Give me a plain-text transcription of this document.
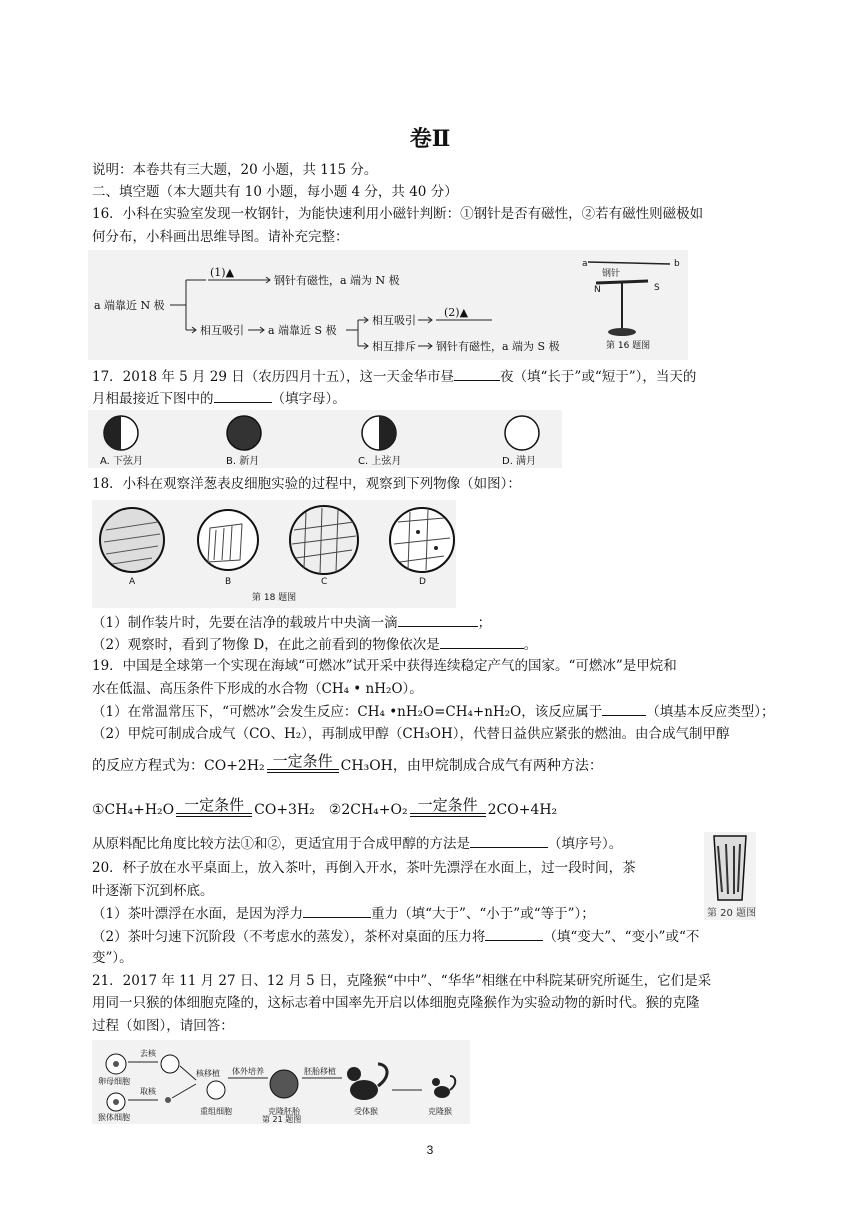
卷Ⅱ
说明：本卷共有三大题，20 小题，共 115 分。
二、填空题（本大题共有 10 小题，每小题 4 分，共 40 分）
16．小科在实验室发现一枚钢针，为能快速利用小磁针判断：①钢针是否有磁性，②若有磁性则磁极如
何分布，小科画出思维导图。请补充完整：
a 端靠近 N 极
(1)▲
钢针有磁性，a 端为 N 极
相互吸引 a 端靠近 S 极
相互吸引
(2)▲
相互排斥 钢针有磁性，a 端为 S 极
a	b
钢针
N	S
第 16 题图
17．2018 年 5 月 29 日（农历四月十五），这一天金华市昼	夜（填“长于”或“短于”），当天的
月相最接近下图中的	（填字母）。
A. 下弦月	B. 新月	C. 上弦月	D. 满月
18．小科在观察洋葱表皮细胞实验的过程中，观察到下列物像（如图）：
A	B	C	D
第 18 题图
（1）制作装片时，先要在洁净的载玻片中央滴一滴	；
（2）观察时，看到了物像 D，在此之前看到的物像依次是	。
19．中国是全球第一个实现在海域“可燃冰”试开采中获得连续稳定产气的国家。“可燃冰”是甲烷和
水在低温、高压条件下形成的水合物（CH₄ • nH₂O）。
（1）在常温常压下，“可燃冰”会发生反应：CH₄ •nH₂O=CH₄+nH₂O，该反应属于	（填基本反应类型）；
（2）甲烷可制成合成气（CO、H₂），再制成甲醇（CH₃OH），代替日益供应紧张的燃油。由合成气制甲醇
的反应方程式为：CO+2H₂ 一定条件 CH₃OH，由甲烷制成合成气有两种方法：
①CH₄+H₂O 一定条件 CO+3H₂ ②2CH₄+O₂ 一定条件 2CO+4H₂
从原料配比角度比较方法①和②，更适宜用于合成甲醇的方法是	（填序号）。
20．杯子放在水平桌面上，放入茶叶，再倒入开水，茶叶先漂浮在水面上，过一段时间，茶
叶逐渐下沉到杯底。
（1）茶叶漂浮在水面，是因为浮力	重力（填“大于”、“小于”或“等于”）；	第 20 题图
（2）茶叶匀速下沉阶段（不考虑水的蒸发），茶杯对桌面的压力将	（填“变大”、“变小”或“不
变”）。
21．2017 年 11 月 27 日、12 月 5 日，克隆猴“中中”、“华华”相继在中科院某研究所诞生，它们是采
用同一只猴的体细胞克隆的，这标志着中国率先开启以体细胞克隆猴作为实验动物的新时代。猴的克隆
过程（如图），请回答：
卵母细胞
去核
猴体细胞
取核
核移植
重组细胞
体外培养
克隆胚胎
胚胎移植
受体猴	克隆猴
第 21 题图
3
